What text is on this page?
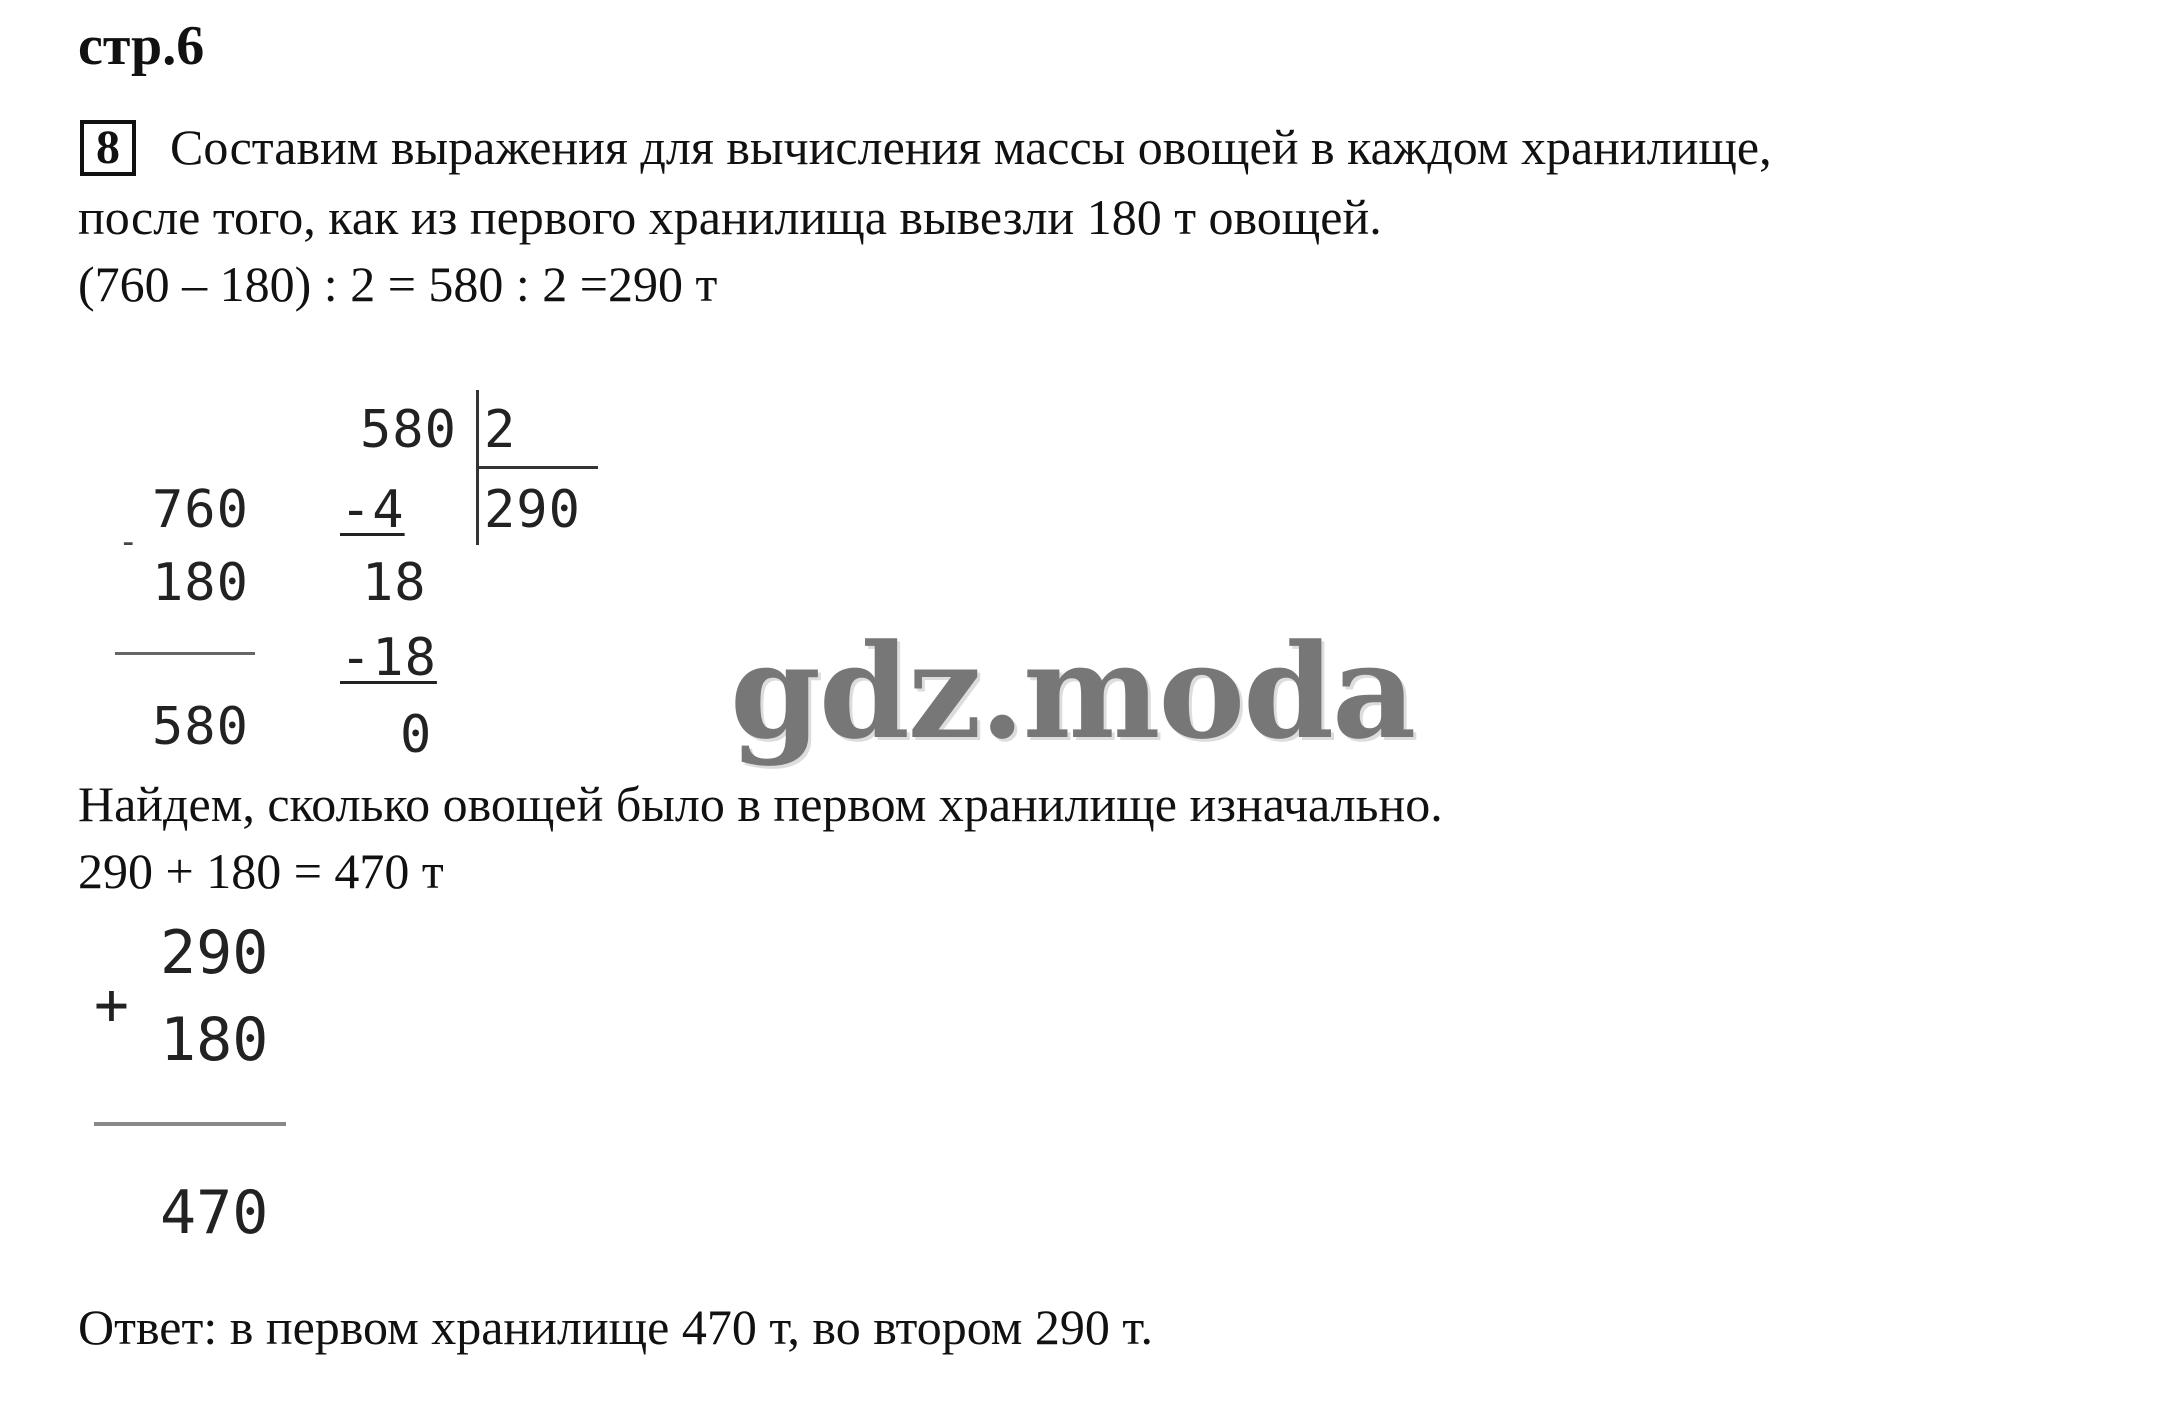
стр.6
8	Составим выражения для вычисления массы овощей в каждом хранилище,
после того, как из первого хранилища вывезли 180 т овощей.
(760 – 180) : 2 = 580 : 2 =290 т
760
-
180
580
580 2
290
-4
18
-18
0 gdz.moda
Найдем, сколько овощей было в первом хранилище изначально.
290 + 180 = 470 т
290
+
180
470
Ответ: в первом хранилище 470 т, во втором 290 т.
